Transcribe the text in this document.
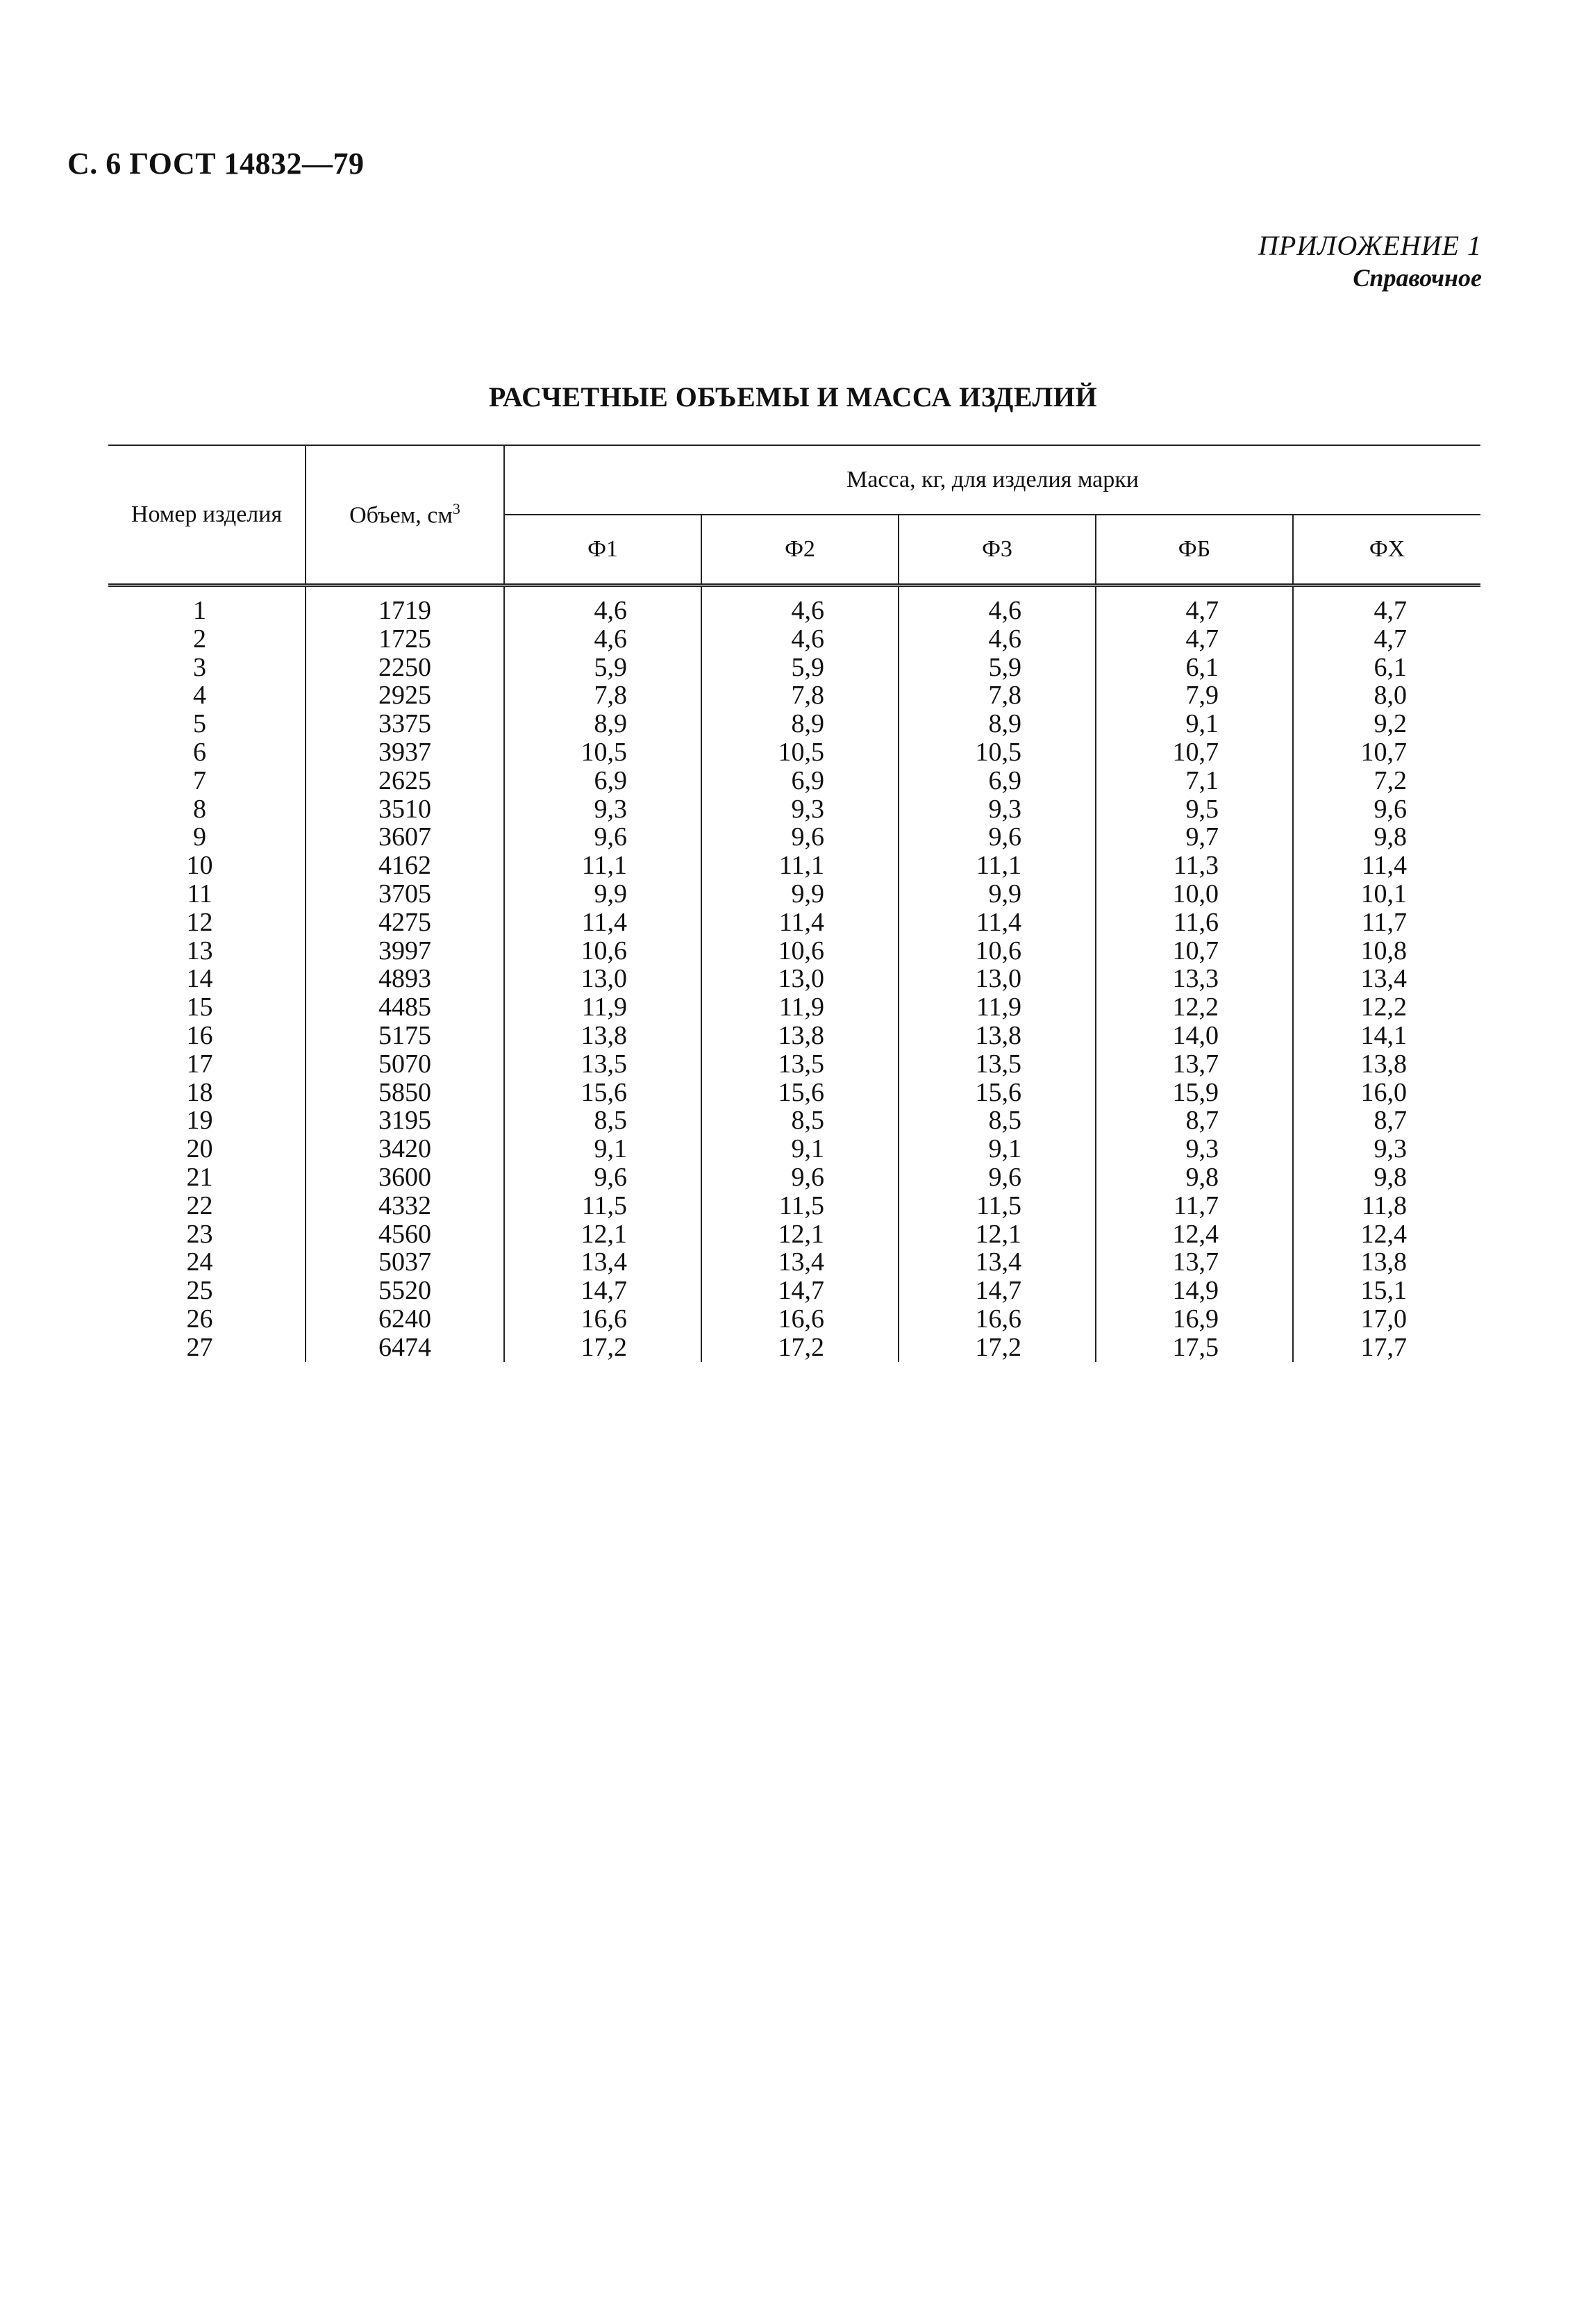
С. 6 ГОСТ 14832—79
ПРИЛОЖЕНИЕ 1
Справочное
РАСЧЕТНЫЕ ОБЪЕМЫ И МАССА ИЗДЕЛИЙ
Номер изделия	Объем, $см^3$	Масса, кг, для изделия марки				
		Ф1	Ф2	Ф3	ФБ	ФХ
1	1719	4,6	4,6	4,6	4,7	4,7
2	1725	4,6	4,6	4,6	4,7	4,7
3	2250	5,9	5,9	5,9	6,1	6,1
4	2925	7,8	7,8	7,8	7,9	8,0
5	3375	8,9	8,9	8,9	9,1	9,2
6	3937	10,5	10,5	10,5	10,7	10,7
7	2625	6,9	6,9	6,9	7,1	7,2
8	3510	9,3	9,3	9,3	9,5	9,6
9	3607	9,6	9,6	9,6	9,7	9,8
10	4162	11,1	11,1	11,1	11,3	11,4
11	3705	9,9	9,9	9,9	10,0	10,1
12	4275	11,4	11,4	11,4	11,6	11,7
13	3997	10,6	10,6	10,6	10,7	10,8
14	4893	13,0	13,0	13,0	13,3	13,4
15	4485	11,9	11,9	11,9	12,2	12,2
16	5175	13,8	13,8	13,8	14,0	14,1
17	5070	13,5	13,5	13,5	13,7	13,8
18	5850	15,6	15,6	15,6	15,9	16,0
19	3195	8,5	8,5	8,5	8,7	8,7
20	3420	9,1	9,1	9,1	9,3	9,3
21	3600	9,6	9,6	9,6	9,8	9,8
22	4332	11,5	11,5	11,5	11,7	11,8
23	4560	12,1	12,1	12,1	12,4	12,4
24	5037	13,4	13,4	13,4	13,7	13,8
25	5520	14,7	14,7	14,7	14,9	15,1
26	6240	16,6	16,6	16,6	16,9	17,0
27	6474	17,2	17,2	17,2	17,5	17,7
